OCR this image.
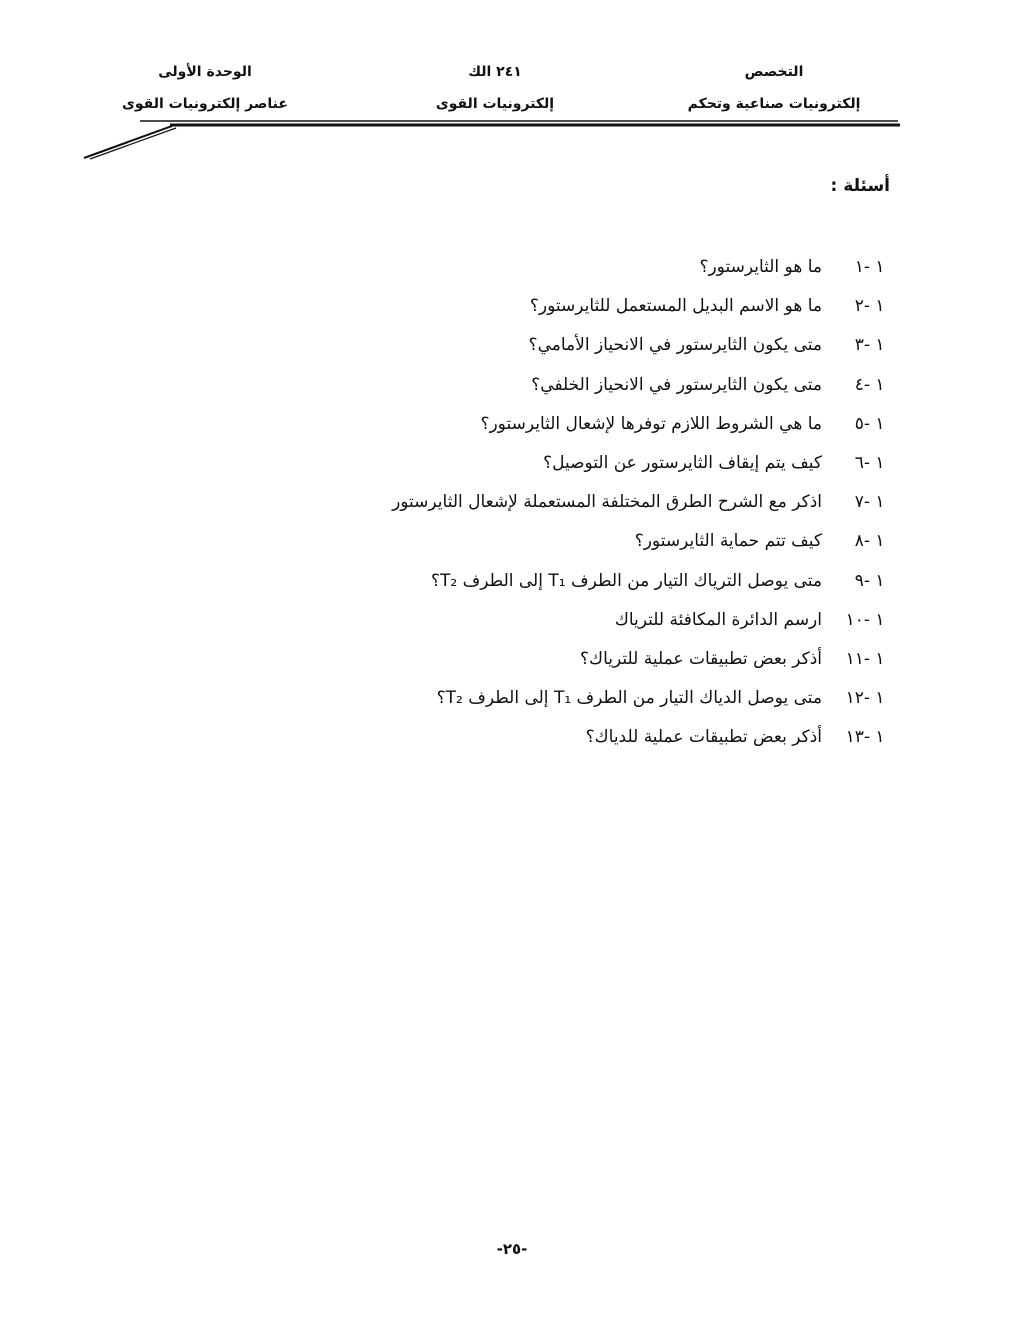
التخصص
٢٤١ الك
الوحدة الأولى
إلكترونيات صناعية وتحكم
إلكترونيات القوى
عناصر إلكترونيات القوى
أسئلة :
١-١ما هو الثايرستور؟
١-٢ما هو الاسم البديل المستعمل للثايرستور؟
١-٣متى يكون الثايرستور في الانحياز الأمامي؟
١-٤متى يكون الثايرستور في الانحياز الخلفي؟
١-٥ما هي الشروط اللازم توفرها لإشعال الثايرستور؟
١-٦كيف يتم إيقاف الثايرستور عن التوصيل؟
١-٧اذكر مع الشرح الطرق المختلفة المستعملة لإشعال الثايرستور
١-٨كيف تتم حماية الثايرستور؟
١-٩متى يوصل الترياك التيار من الطرف T₁ إلى الطرف T₂؟
١-١٠ارسم الدائرة المكافئة للترياك
١-١١أذكر بعض تطبيقات عملية للترياك؟
١-١٢متى يوصل الدياك التيار من الطرف T₁ إلى الطرف T₂؟
١-١٣أذكر بعض تطبيقات عملية للدياك؟
-٢٥-
